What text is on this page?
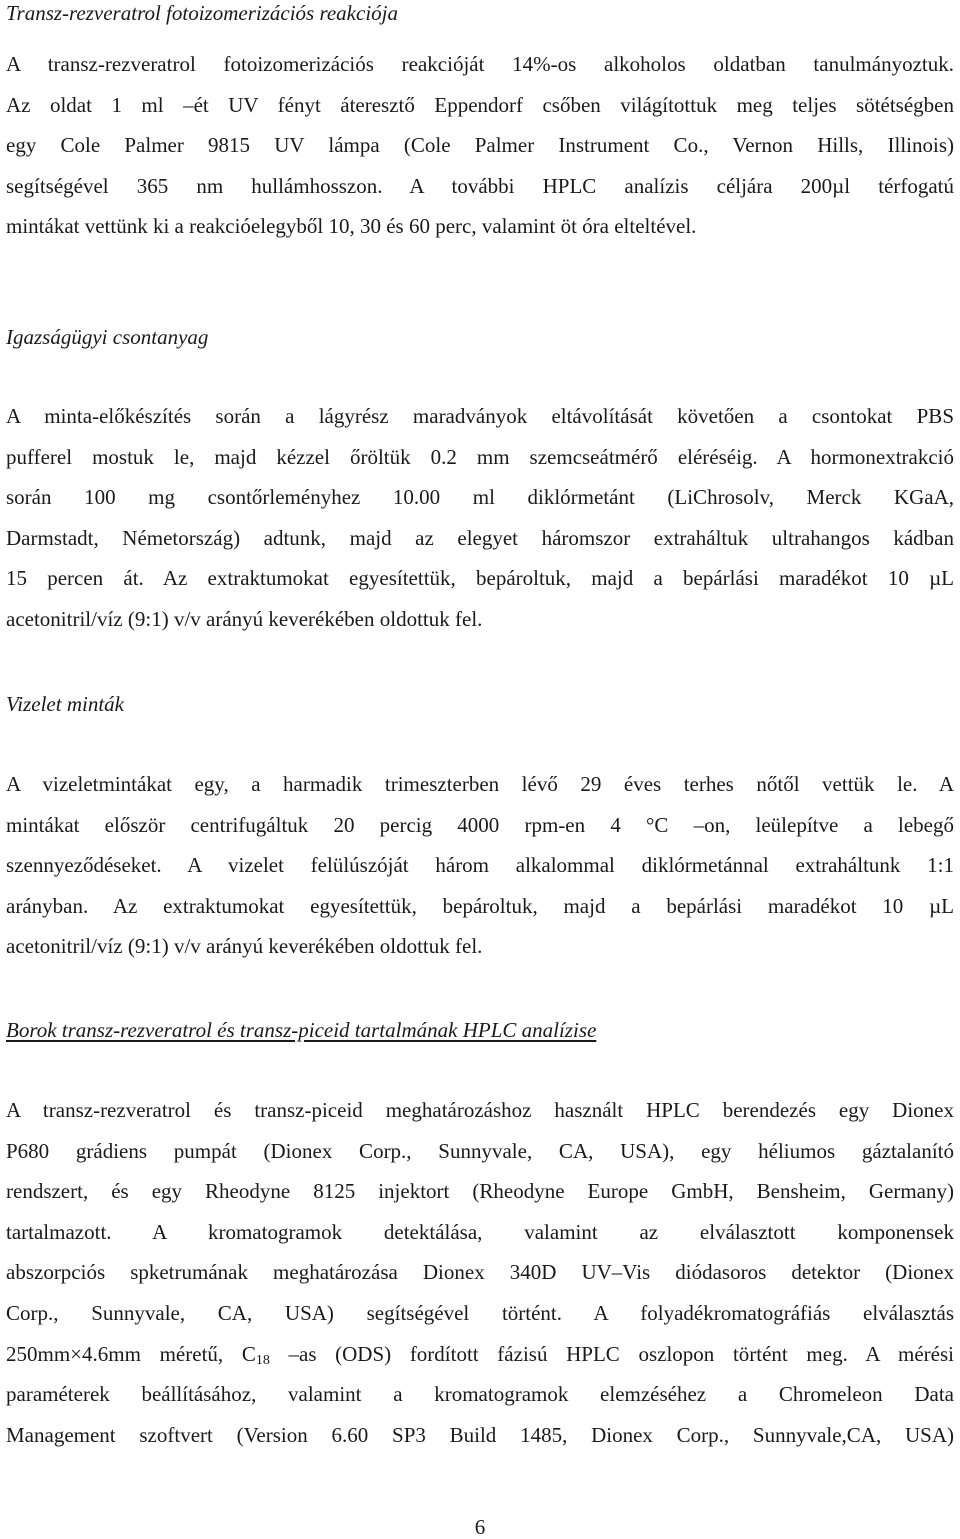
Transz-rezveratrol fotoizomerizációs reakciója

A transz-rezveratrol fotoizomerizációs reakcióját 14%-os alkoholos oldatban tanulmányoztuk.
Az oldat 1 ml –ét UV fényt áteresztő Eppendorf csőben világítottuk meg teljes sötétségben
egy Cole Palmer 9815 UV lámpa (Cole Palmer Instrument Co., Vernon Hills, Illinois)
segítségével 365 nm hullámhosszon. A további HPLC analízis céljára 200µl térfogatú
mintákat vettünk ki a reakcióelegyből 10, 30 és 60 perc, valamint öt óra elteltével.

Igazságügyi csontanyag

A minta-előkészítés során a lágyrész maradványok eltávolítását követően a csontokat PBS
pufferel mostuk le, majd kézzel őröltük 0.2 mm szemcseátmérő eléréséig. A hormonextrakció
során 100 mg csontőrleményhez 10.00 ml diklórmetánt (LiChrosolv, Merck KGaA,
Darmstadt, Németország) adtunk, majd az elegyet háromszor extraháltuk ultrahangos kádban
15 percen át. Az extraktumokat egyesítettük, bepároltuk, majd a bepárlási maradékot 10 µL
acetonitril/víz (9:1) v/v arányú keverékében oldottuk fel.

Vizelet minták

A vizeletmintákat egy, a harmadik trimeszterben lévő 29 éves terhes nőtől vettük le. A
mintákat először centrifugáltuk 20 percig 4000 rpm-en 4 °C –on, leülepítve a lebegő
szennyeződéseket. A vizelet felülúszóját három alkalommal diklórmetánnal extraháltunk 1:1
arányban. Az extraktumokat egyesítettük, bepároltuk, majd a bepárlási maradékot 10 µL
acetonitril/víz (9:1) v/v arányú keverékében oldottuk fel.

Borok transz-rezveratrol és transz-piceid tartalmának HPLC analízise

A transz-rezveratrol és transz-piceid meghatározáshoz használt HPLC berendezés egy Dionex
P680 grádiens pumpát (Dionex Corp., Sunnyvale, CA, USA), egy héliumos gáztalanító
rendszert, és egy Rheodyne 8125 injektort (Rheodyne Europe GmbH, Bensheim, Germany)
tartalmazott. A kromatogramok detektálása, valamint az elválasztott komponensek
abszorpciós spketrumának meghatározása Dionex 340D UV–Vis diódasoros detektor (Dionex
Corp., Sunnyvale, CA, USA) segítségével történt. A folyadékromatográfiás elválasztás
250mm×4.6mm méretű, $C_{18}$ –as (ODS) fordított fázisú HPLC oszlopon történt meg. A mérési
paraméterek beállításához, valamint a kromatogramok elemzéséhez a Chromeleon Data
Management szoftvert (Version 6.60 SP3 Build 1485, Dionex Corp., Sunnyvale,CA, USA)

6
